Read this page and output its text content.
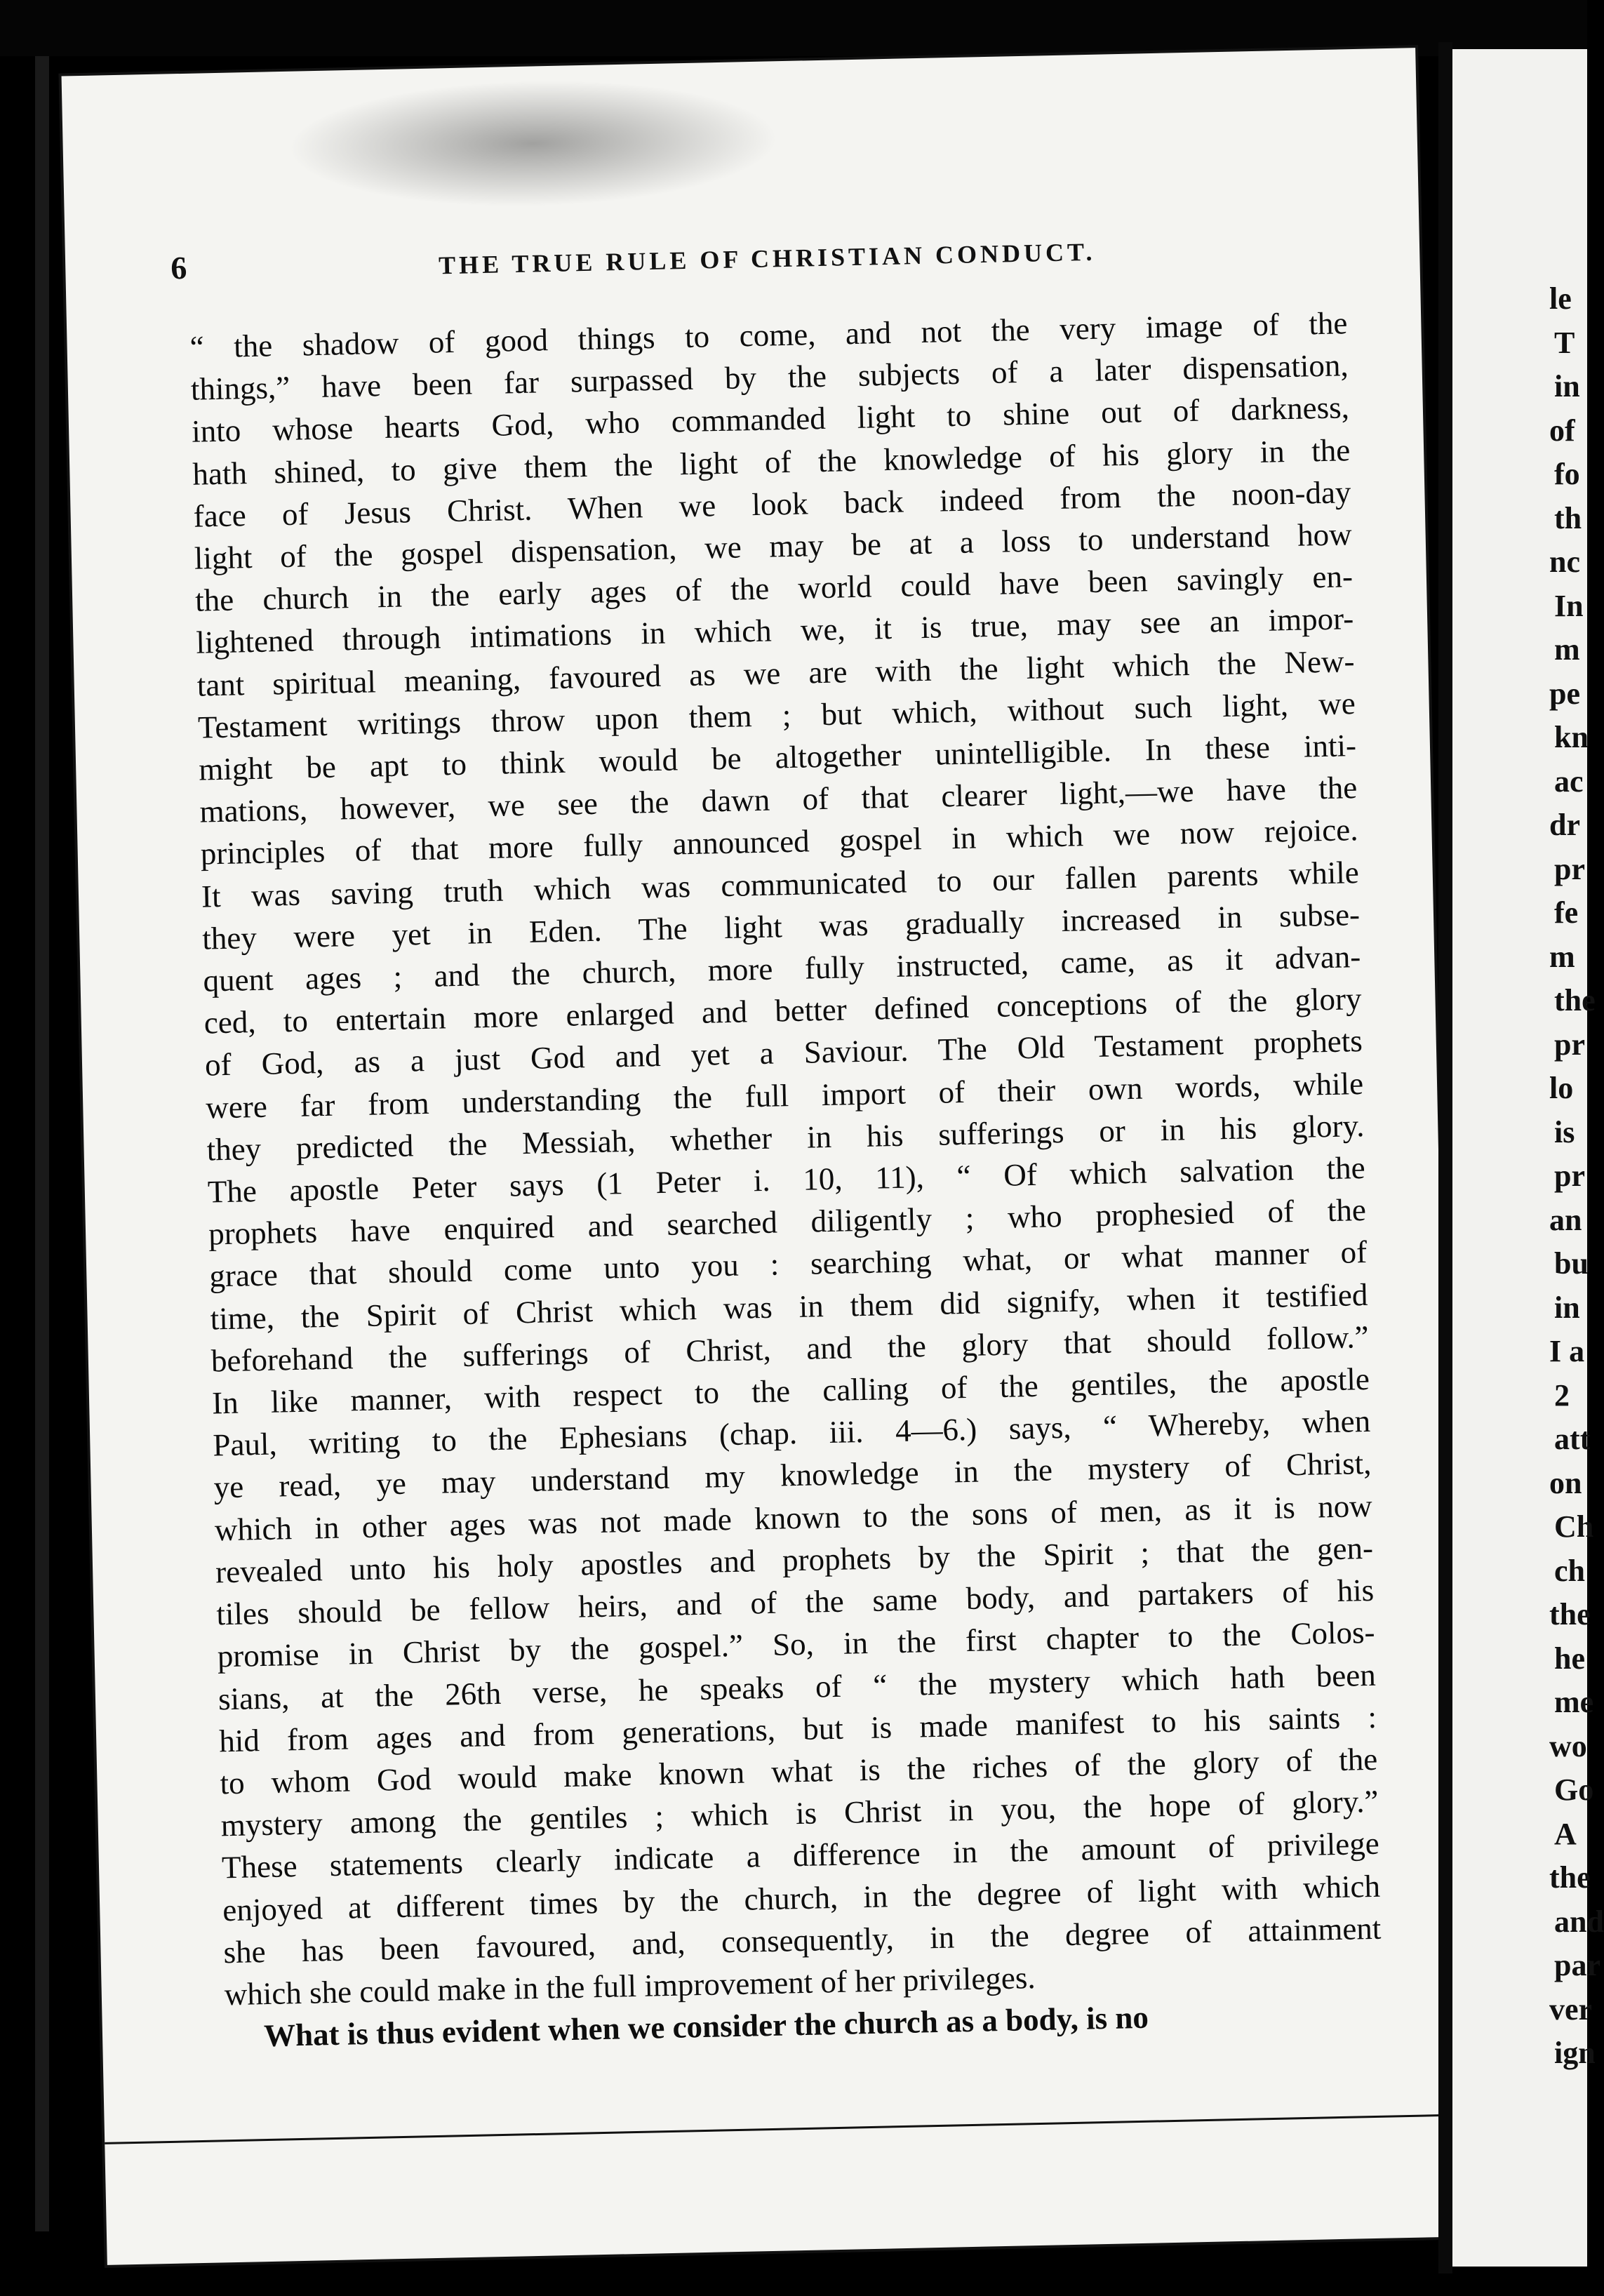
6	THE TRUE RULE OF CHRISTIAN CONDUCT.
“ the shadow of good things to come, and not the very image of the
things,” have been far surpassed by the subjects of a later dispensation,
into whose hearts God, who commanded light to shine out of darkness,
hath shined, to give them the light of the knowledge of his glory in the
face of Jesus Christ. When we look back indeed from the noon-day
light of the gospel dispensation, we may be at a loss to understand how
the church in the early ages of the world could have been savingly en-
lightened through intimations in which we, it is true, may see an impor-
tant spiritual meaning, favoured as we are with the light which the New-
Testament writings throw upon them ; but which, without such light, we
might be apt to think would be altogether unintelligible. In these inti-
mations, however, we see the dawn of that clearer light,—we have the
principles of that more fully announced gospel in which we now rejoice.
It was saving truth which was communicated to our fallen parents while
they were yet in Eden. The light was gradually increased in subse-
quent ages ; and the church, more fully instructed, came, as it advan-
ced, to entertain more enlarged and better defined conceptions of the glory
of God, as a just God and yet a Saviour. The Old Testament prophets
were far from understanding the full import of their own words, while
they predicted the Messiah, whether in his sufferings or in his glory.
The apostle Peter says (1 Peter i. 10, 11), “ Of which salvation the
prophets have enquired and searched diligently ; who prophesied of the
grace that should come unto you : searching what, or what manner of
time, the Spirit of Christ which was in them did signify, when it testified
beforehand the sufferings of Christ, and the glory that should follow.”
In like manner, with respect to the calling of the gentiles, the apostle
Paul, writing to the Ephesians (chap. iii. 4—6.) says, “ Whereby, when
ye read, ye may understand my knowledge in the mystery of Christ,
which in other ages was not made known to the sons of men, as it is now
revealed unto his holy apostles and prophets by the Spirit ; that the gen-
tiles should be fellow heirs, and of the same body, and partakers of his
promise in Christ by the gospel.” So, in the first chapter to the Colos-
sians, at the 26th verse, he speaks of “ the mystery which hath been
hid from ages and from generations, but is made manifest to his saints :
to whom God would make known what is the riches of the glory of the
mystery among the gentiles ; which is Christ in you, the hope of glory.”
These statements clearly indicate a difference in the amount of privilege
enjoyed at different times by the church, in the degree of light with which
she has been favoured, and, consequently, in the degree of attainment
which she could make in the full improvement of her privileges.
What is thus evident when we consider the church as a body, is no
le
T
in
of
fo
th
nc
In
m
pe
kn
ac
dr
pr
fe
m
the
pr
lo
is
pr
an
bu
in
I a
2
att
on
Ch
ch
the
he
me
wo
Go
A
the
and
par
ver
ign
